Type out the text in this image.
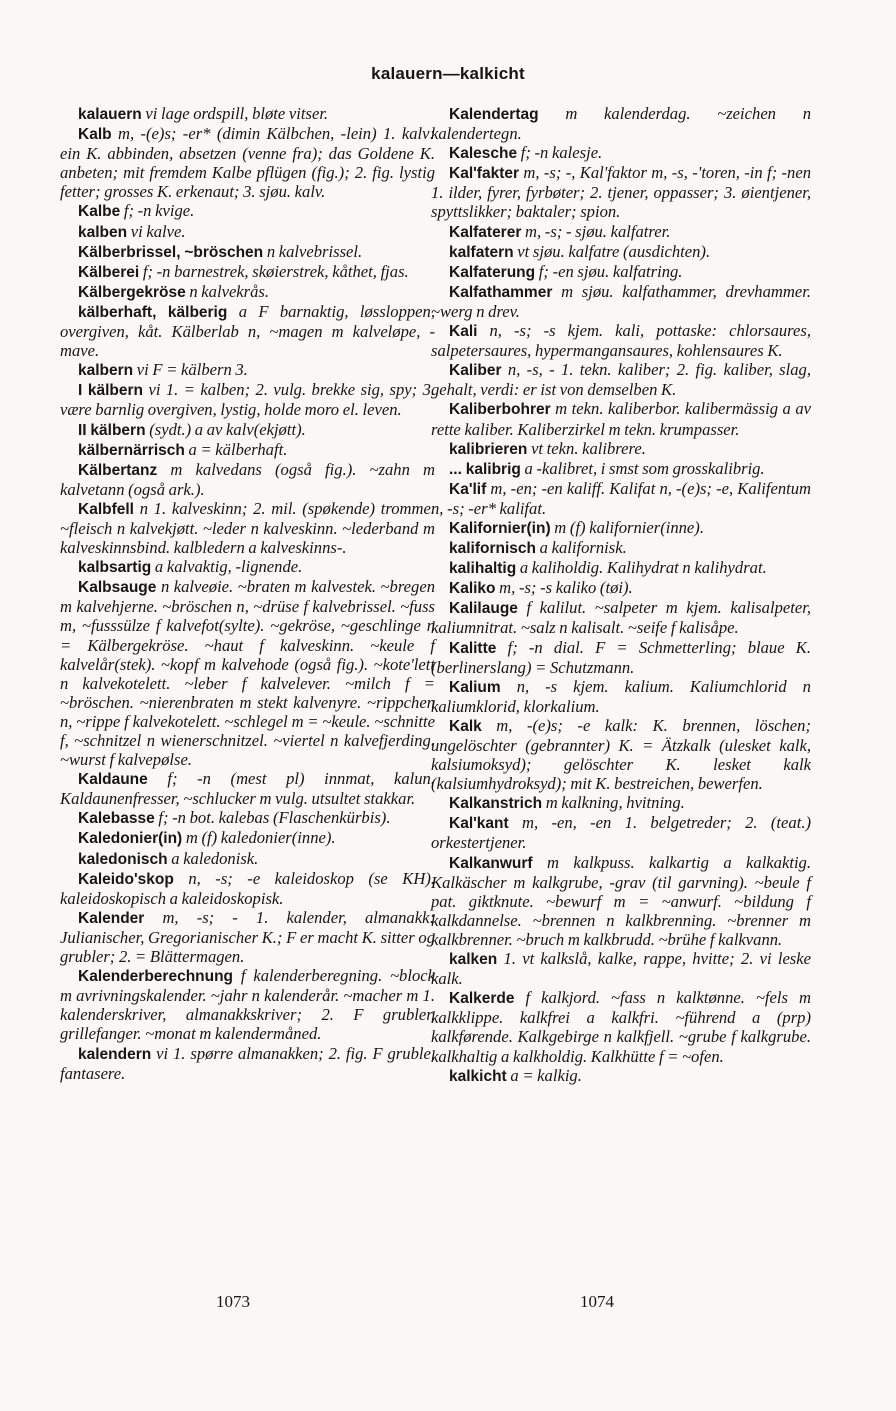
kalauern—kalkicht

kalauern vi lage ordspill, bløte vitser.

Kalb m, -(e)s; -er* (dimin Kälbchen, -lein) 1. kalv: ein K. abbinden, absetzen (venne fra); das Goldene K. anbeten; mit fremdem Kalbe pflügen (fig.); 2. fig. lystig fetter; grosses K. erkenaut; 3. sjøu. kalv.

Kalbe f; -n kvige.

kalben vi kalve.

Kälberbrissel, ~bröschen n kalvebrissel.

Kälberei f; -n barnestrek, skøierstrek, kåthet, fjas.

Kälbergekröse n kalvekrås.

kälberhaft, kälberig a F barnaktig, løssloppen, overgiven, kåt. Kälberlab n, ~magen m kalveløpe, -mave.

kalbern vi F = kälbern 3.

I kälbern vi 1. = kalben; 2. vulg. brekke sig, spy; 3. være barnlig overgiven, lystig, holde moro el. leven.

II kälbern (sydt.) a av kalv(ekjøtt).

kälbernärrisch a = kälberhaft.

Kälbertanz m kalvedans (også fig.). ~zahn m kalvetann (også ark.).

Kalbfell n 1. kalveskinn; 2. mil. (spøkende) tromme. ~fleisch n kalvekjøtt. ~leder n kalveskinn. ~lederband m kalveskinnsbind. kalbledern a kalveskinns-.

kalbsartig a kalvaktig, -lignende.

Kalbsauge n kalveøie. ~braten m kalvestek. ~bregen m kalvehjerne. ~bröschen n, ~drüse f kalvebrissel. ~fuss m, ~fusssülze f kalvefot(sylte). ~gekröse, ~geschlinge n = Kälbergekröse. ~haut f kalveskinn. ~keule f kalvelår(stek). ~kopf m kalvehode (også fig.). ~kote'lett n kalvekotelett. ~leber f kalvelever. ~milch f = ~bröschen. ~nierenbraten m stekt kalvenyre. ~rippchen n, ~rippe f kalvekotelett. ~schlegel m = ~keule. ~schnitte f, ~schnitzel n wienerschnitzel. ~viertel n kalvefjerding. ~wurst f kalvepølse.

Kaldaune f; -n (mest pl) innmat, kalun. Kaldaunenfresser, ~schlucker m vulg. utsultet stakkar.

Kalebasse f; -n bot. kalebas (Flaschenkürbis).

Kaledonier(in) m (f) kaledonier(inne).

kaledonisch a kaledonisk.

Kaleido'skop n, -s; -e kaleidoskop (se KH). kaleidoskopisch a kaleidoskopisk.

Kalender m, -s; - 1. kalender, almanakk: Julianischer, Gregorianischer K.; F er macht K. sitter og grubler; 2. = Blättermagen.

Kalenderberechnung f kalenderberegning. ~block m avrivningskalender. ~jahr n kalenderår. ~macher m 1. kalenderskriver, almanakkskriver; 2. F grubler, grillefanger. ~monat m kalendermåned.

kalendern vi 1. spørre almanakken; 2. fig. F gruble, fantasere.

Kalendertag m kalenderdag. ~zeichen n kalendertegn.

Kalesche f; -n kalesje.

Kal'fakter m, -s; -, Kal'faktor m, -s, -'toren, -in f; -nen 1. ilder, fyrer, fyrbøter; 2. tjener, oppasser; 3. øientjener, spyttslikker; baktaler; spion.

Kalfaterer m, -s; - sjøu. kalfatrer.

kalfatern vt sjøu. kalfatre (ausdichten).

Kalfaterung f; -en sjøu. kalfatring.

Kalfathammer m sjøu. kalfathammer, drevhammer. ~werg n drev.

Kali n, -s; -s kjem. kali, pottaske: chlorsaures, salpetersaures, hypermangansaures, kohlensaures K.

Kaliber n, -s, - 1. tekn. kaliber; 2. fig. kaliber, slag, gehalt, verdi: er ist von demselben K.

Kaliberbohrer m tekn. kaliberbor. kalibermässig a av rette kaliber. Kaliberzirkel m tekn. krumpasser.

kalibrieren vt tekn. kalibrere.

... kalibrig a -kalibret, i smst som grosskalibrig.

Ka'lif m, -en; -en kaliff. Kalifat n, -(e)s; -e, Kalifentum n, -s; -er* kalifat.

Kalifornier(in) m (f) kalifornier(inne).

kalifornisch a kalifornisk.

kalihaltig a kaliholdig. Kalihydrat n kalihydrat.

Kaliko m, -s; -s kaliko (tøi).

Kalilauge f kalilut. ~salpeter m kjem. kalisalpeter, kaliumnitrat. ~salz n kalisalt. ~seife f kalisåpe.

Kalitte f; -n dial. F = Schmetterling; blaue K. (berlinerslang) = Schutzmann.

Kalium n, -s kjem. kalium. Kaliumchlorid n kaliumklorid, klorkalium.

Kalk m, -(e)s; -e kalk: K. brennen, löschen; ungelöschter (gebrannter) K. = Ätzkalk (ulesket kalk, kalsiumoksyd); gelöschter K. lesket kalk (kalsiumhydroksyd); mit K. bestreichen, bewerfen.

Kalkanstrich m kalkning, hvitning.

Kal'kant m, -en, -en 1. belgetreder; 2. (teat.) orkestertjener.

Kalkanwurf m kalkpuss. kalkartig a kalkaktig. Kalkäscher m kalkgrube, -grav (til garvning). ~beule f pat. giktknute. ~bewurf m = ~anwurf. ~bildung f kalkdannelse. ~brennen n kalkbrenning. ~brenner m kalkbrenner. ~bruch m kalkbrudd. ~brühe f kalkvann.

kalken 1. vt kalkslå, kalke, rappe, hvitte; 2. vi leske kalk.

Kalkerde f kalkjord. ~fass n kalktønne. ~fels m kalkklippe. kalkfrei a kalkfri. ~führend a (prp) kalkførende. Kalkgebirge n kalkfjell. ~grube f kalkgrube. kalkhaltig a kalkholdig. Kalkhütte f = ~ofen.

kalkicht a = kalkig.

1073	1074
